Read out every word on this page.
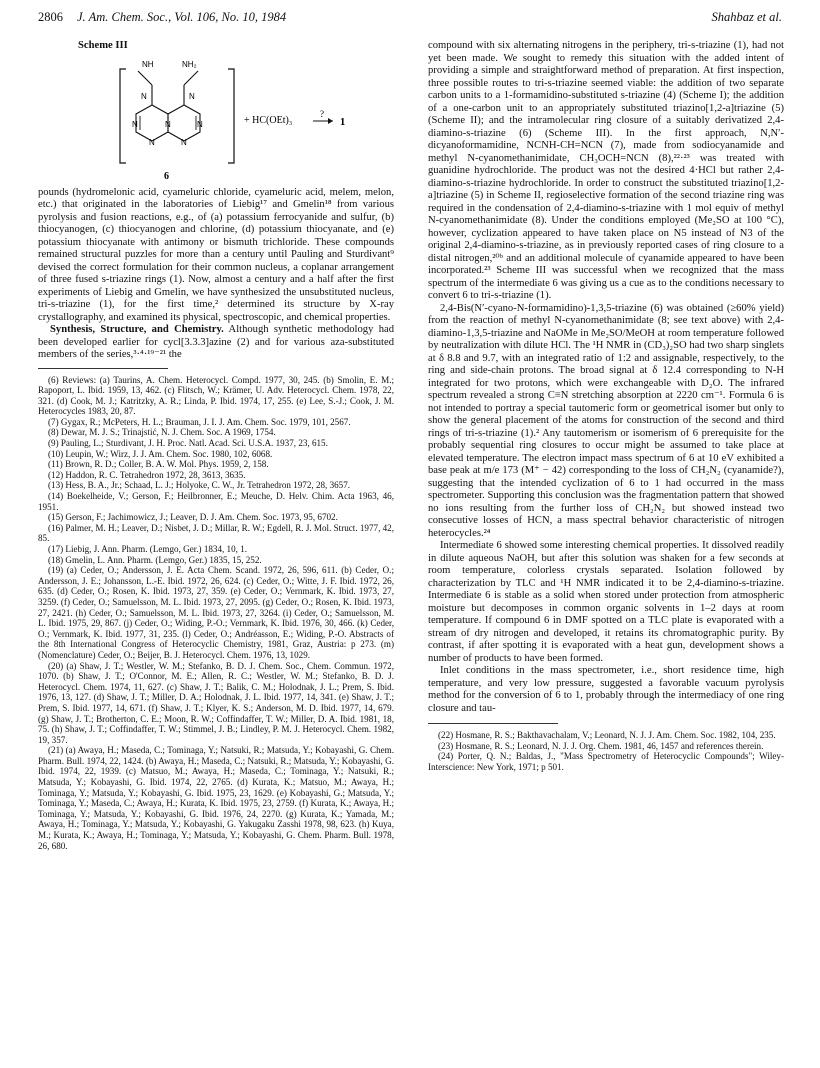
2806 J. Am. Chem. Soc., Vol. 106, No. 10, 1984	Shahbaz et al.
Scheme III
N	N
N
N	N
N	N
NH	NH₂
+ HC(OEt)₃
?
1
6

pounds (hydromelonic acid, cyameluric chloride, cyameluric acid, melem, melon, etc.) that originated in the laboratories of Liebig¹⁷ and Gmelin¹⁸ from various pyrolysis and fusion reactions, e.g., of (a) potassium ferrocyanide and sulfur, (b) thiocyanogen, (c) thiocyanogen and chlorine, (d) potassium thiocyanate, and (e) potassium thiocyanate with antimony or bismuth trichloride. These compounds remained structural puzzles for more than a century until Pauling and Sturdivant⁹ devised the correct formulation for their common nucleus, a coplanar arrangement of three fused s-triazine rings (1). Now, almost a century and a half after the first experiments of Liebig and Gmelin, we have synthesized the unsubstituted nucleus, tri-s-triazine (1), for the first time,² determined its structure by X-ray crystallography, and examined its physical, spectroscopic, and chemical properties.

Synthesis, Structure, and Chemistry. Although synthetic methodology had been developed earlier for cycl[3.3.3]azine (2) and for various aza-substituted members of the series,³·⁴·¹⁹⁻²¹ the

(6) Reviews: (a) Taurins, A. Chem. Heterocycl. Compd. 1977, 30, 245. (b) Smolin, E. M.; Rapoport, L. Ibid. 1959, 13, 462. (c) Flitsch, W.; Krämer, U. Adv. Heterocycl. Chem. 1978, 22, 321. (d) Cook, M. J.; Katritzky, A. R.; Linda, P. Ibid. 1974, 17, 255. (e) Lee, S.-J.; Cook, J. M. Heterocycles 1983, 20, 87.

(7) Gygax, R.; McPeters, H. L.; Brauman, J. I. J. Am. Chem. Soc. 1979, 101, 2567.

(8) Dewar, M. J. S.; Trinajstić, N. J. Chem. Soc. A 1969, 1754.

(9) Pauling, L.; Sturdivant, J. H. Proc. Natl. Acad. Sci. U.S.A. 1937, 23, 615.

(10) Leupin, W.; Wirz, J. J. Am. Chem. Soc. 1980, 102, 6068.

(11) Brown, R. D.; Coller, B. A. W. Mol. Phys. 1959, 2, 158.

(12) Haddon, R. C. Tetrahedron 1972, 28, 3613, 3635.

(13) Hess, B. A., Jr.; Schaad, L. J.; Holyoke, C. W., Jr. Tetrahedron 1972, 28, 3657.

(14) Boekelheide, V.; Gerson, F.; Heilbronner, E.; Meuche, D. Helv. Chim. Acta 1963, 46, 1951.

(15) Gerson, F.; Jachimowicz, J.; Leaver, D. J. Am. Chem. Soc. 1973, 95, 6702.

(16) Palmer, M. H.; Leaver, D.; Nisbet, J. D.; Millar, R. W.; Egdell, R. J. Mol. Struct. 1977, 42, 85.

(17) Liebig, J. Ann. Pharm. (Lemgo, Ger.) 1834, 10, 1.

(18) Gmelin, L. Ann. Pharm. (Lemgo, Ger.) 1835, 15, 252.

(19) (a) Ceder, O.; Andersson, J. E. Acta Chem. Scand. 1972, 26, 596, 611. (b) Ceder, O.; Andersson, J. E.; Johansson, L.-E. Ibid. 1972, 26, 624. (c) Ceder, O.; Witte, J. F. Ibid. 1972, 26, 635. (d) Ceder, O.; Rosen, K. Ibid. 1973, 27, 359. (e) Ceder, O.; Vernmark, K. Ibid. 1973, 27, 3259. (f) Ceder, O.; Samuelsson, M. L. Ibid. 1973, 27, 2095. (g) Ceder, O.; Rosen, K. Ibid. 1973, 27, 2421. (h) Ceder, O.; Samuelsson, M. L. Ibid. 1973, 27, 3264. (i) Ceder, O.; Samuelsson, M. L. Ibid. 1975, 29, 867. (j) Ceder, O.; Widing, P.-O.; Vernmark, K. Ibid. 1976, 30, 466. (k) Ceder, O.; Vernmark, K. Ibid. 1977, 31, 235. (l) Ceder, O.; Andréasson, E.; Widing, P.-O. Abstracts of the 8th International Congress of Heterocyclic Chemistry, 1981, Graz, Austria: p 273. (m) (Nomenclature) Ceder, O.; Beijer, B. J. Heterocycl. Chem. 1976, 13, 1029.

(20) (a) Shaw, J. T.; Westler, W. M.; Stefanko, B. D. J. Chem. Soc., Chem. Commun. 1972, 1070. (b) Shaw, J. T.; O'Connor, M. E.; Allen, R. C.; Westler, W. M.; Stefanko, B. D. J. Heterocycl. Chem. 1974, 11, 627. (c) Shaw, J. T.; Balik, C. M.; Holodnak, J. L.; Prem, S. Ibid. 1976, 13, 127. (d) Shaw, J. T.; Miller, D. A.; Holodnak, J. L. Ibid. 1977, 14, 341. (e) Shaw, J. T.; Prem, S. Ibid. 1977, 14, 671. (f) Shaw, J. T.; Klyer, K. S.; Anderson, M. D. Ibid. 1977, 14, 679. (g) Shaw, J. T.; Brotherton, C. E.; Moon, R. W.; Coffindaffer, T. W.; Miller, D. A. Ibid. 1981, 18, 75. (h) Shaw, J. T.; Coffindaffer, T. W.; Stimmel, J. B.; Lindley, P. M. J. Heterocycl. Chem. 1982, 19, 357.

(21) (a) Awaya, H.; Maseda, C.; Tominaga, Y.; Natsuki, R.; Matsuda, Y.; Kobayashi, G. Chem. Pharm. Bull. 1974, 22, 1424. (b) Awaya, H.; Maseda, C.; Natsuki, R.; Matsuda, Y.; Kobayashi, G. Ibid. 1974, 22, 1939. (c) Matsuo, M.; Awaya, H.; Maseda, C.; Tominaga, Y.; Natsuki, R.; Matsuda, Y.; Kobayashi, G. Ibid. 1974, 22, 2765. (d) Kurata, K.; Matsuo, M.; Awaya, H.; Tominaga, Y.; Matsuda, Y.; Kobayashi, G. Ibid. 1975, 23, 1629. (e) Kobayashi, G.; Matsuda, Y.; Tominaga, Y.; Maseda, C.; Awaya, H.; Kurata, K. Ibid. 1975, 23, 2759. (f) Kurata, K.; Awaya, H.; Tominaga, Y.; Matsuda, Y.; Kobayashi, G. Ibid. 1976, 24, 2270. (g) Kurata, K.; Yamada, M.; Awaya, H.; Tominaga, Y.; Matsuda, Y.; Kobayashi, G. Yakugaku Zasshi 1978, 98, 623. (h) Kuya, M.; Kurata, K.; Awaya, H.; Tominaga, Y.; Matsuda, Y.; Kobayashi, G. Chem. Pharm. Bull. 1978, 26, 680.

compound with six alternating nitrogens in the periphery, tri-s-triazine (1), had not yet been made. We sought to remedy this situation with the added intent of providing a simple and straightforward method of preparation. At first inspection, three possible routes to tri-s-triazine seemed viable: the addition of two separate carbon units to a 1-formamidino-substituted s-triazine (4) (Scheme I); the addition of a one-carbon unit to an appropriately substituted triazino[1,2-a]triazine (5) (Scheme II); and the intramolecular ring closure of a suitably derivatized 2,4-diamino-s-triazine (6) (Scheme III). In the first approach, N,N′-dicyanoformamidine, NCNH-CH=NCN (7), made from sodiocyanamide and methyl N-cyanomethanimidate, CH₃OCH=NCN (8),²²·²³ was treated with guanidine hydrochloride. The product was not the desired 4·HCl but rather 2,4-diamino-s-triazine hydrochloride. In order to construct the substituted triazino[1,2-a]triazine (5) in Scheme II, regioselective formation of the second triazine ring was required in the condensation of 2,4-diamino-s-triazine with 1 mol equiv of methyl N-cyanomethanimidate (8). Under the conditions employed (Me₂SO at 100 °C), however, cyclization appeared to have taken place on N5 instead of N3 of the original 2,4-diamino-s-triazine, as in previously reported cases of ring closure to a distal nitrogen,²⁰ᵇ and an additional molecule of cyanamide appeared to have been incorporated.²³ Scheme III was successful when we recognized that the mass spectrum of the intermediate 6 was giving us a cue as to the conditions necessary to convert 6 to tri-s-triazine (1).

2,4-Bis(N′-cyano-N-formamidino)-1,3,5-triazine (6) was obtained (≥60% yield) from the reaction of methyl N-cyanomethanimidate (8; see text above) with 2,4-diamino-1,3,5-triazine and NaOMe in Me₂SO/MeOH at room temperature followed by neutralization with dilute HCl. The ¹H NMR in (CD₃)₂SO had two sharp singlets at δ 8.8 and 9.7, with an integrated ratio of 1:2 and assignable, respectively, to the ring and side-chain protons. The broad signal at δ 12.4 corresponding to N-H integrated for two protons, which were exchangeable with D₂O. The infrared spectrum revealed a strong C≡N stretching absorption at 2220 cm⁻¹. Formula 6 is not intended to portray a special tautomeric form or geometrical isomer but only to show the general placement of the atoms for construction of the second and third rings of tri-s-triazine (1).² Any tautomerism or isomerism of 6 prerequisite for the probably sequential ring closures to occur might be assumed to take place at elevated temperature. The electron impact mass spectrum of 6 at 10 eV exhibited a base peak at m/e 173 (M⁺ − 42) corresponding to the loss of CH₂N₂ (cyanamide?), suggesting that the intended cyclization of 6 to 1 had occurred in the mass spectrometer. Supporting this conclusion was the fragmentation pattern that showed no ions resulting from the further loss of CH₂N₂ but showed instead two consecutive losses of HCN, a mass spectral behavior characteristic of nitrogen heterocycles.²⁴

Intermediate 6 showed some interesting chemical properties. It dissolved readily in dilute aqueous NaOH, but after this solution was shaken for a few seconds at room temperature, colorless crystals separated. Isolation followed by characterization by TLC and ¹H NMR indicated it to be 2,4-diamino-s-triazine. Intermediate 6 is stable as a solid when stored under protection from atmospheric moisture but decomposes in common organic solvents in 1–2 days at room temperature. If compound 6 in DMF spotted on a TLC plate is evaporated with a stream of dry nitrogen and developed, it retains its chromatographic purity. By contrast, if after spotting it is evaporated with a heat gun, development shows a number of products to have been formed.

Inlet conditions in the mass spectrometer, i.e., short residence time, high temperature, and very low pressure, suggested a favorable vacuum pyrolysis method for the conversion of 6 to 1, probably through the intermediacy of one ring closure and tau-

(22) Hosmane, R. S.; Bakthavachalam, V.; Leonard, N. J. J. Am. Chem. Soc. 1982, 104, 235.

(23) Hosmane, R. S.; Leonard, N. J. J. Org. Chem. 1981, 46, 1457 and references therein.

(24) Porter, Q. N.; Baldas, J., "Mass Spectrometry of Heterocyclic Compounds"; Wiley-Interscience: New York, 1971; p 501.
